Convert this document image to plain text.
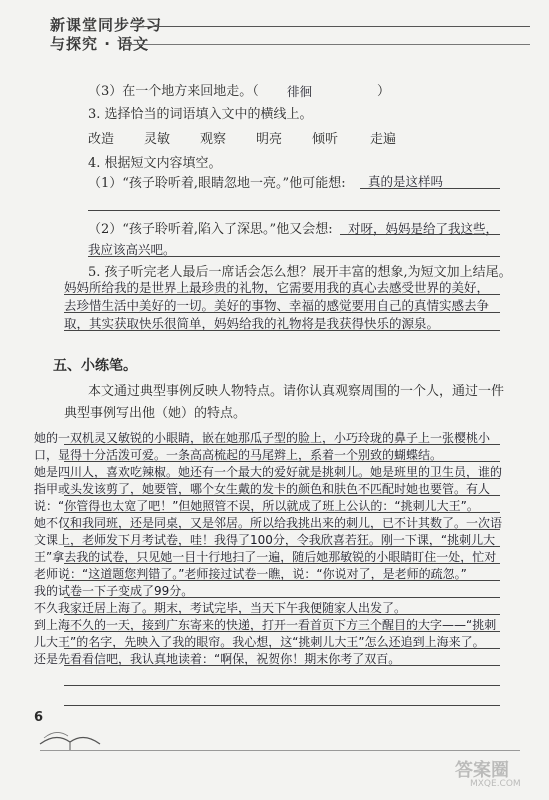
新课堂同步学习
与探究 · 语文
（3）在一个地方来回地走。（ 徘徊	）
3. 选择恰当的词语填入文中的横线上。
改造 灵敏 观察 明亮 倾听 走遍
4. 根据短文内容填空。
（1）“孩子聆听着,眼睛忽地一亮。”他可能想: 真的是这样吗
（2）“孩子聆听着,陷入了深思。”他又会想: 对呀，妈妈是给了我这些，
我应该高兴吧。
5. 孩子听完老人最后一席话会怎么想？展开丰富的想象,为短文加上结尾。
妈妈所给我的是世界上最珍贵的礼物，它需要用我的真心去感受世界的美好，
去珍惜生活中美好的一切。美好的事物、幸福的感觉要用自己的真情实感去争
取，其实获取快乐很简单，妈妈给我的礼物将是我获得快乐的源泉。
五、小练笔。
本文通过典型事例反映人物特点。请你认真观察周围的一个人，通过一件
典型事例写出他（她）的特点。
她的一双机灵又敏锐的小眼睛，嵌在她那瓜子型的脸上，小巧玲珑的鼻子上一张樱桃小
口，显得十分活泼可爱。一条高高梳起的马尾辫上，系着一个别致的蝴蝶结。
她是四川人，喜欢吃辣椒。她还有一个最大的爱好就是挑刺儿。她是班里的卫生员，谁的
指甲或头发该剪了，她要管，哪个女生戴的发卡的颜色和肤色不匹配时她也要管。有人
说：“你管得也太宽了吧！”但她照管不误，所以就成了班上公认的：“挑刺儿大王”。
她不仅和我同班，还是同桌，又是邻居。所以给我挑出来的刺儿，已不计其数了。一次语
文课上，老师发下月考试卷，哇！我得了100分，令我欣喜若狂。刚一下课，“挑刺儿大
王”拿去我的试卷，只见她一目十行地扫了一遍，随后她那敏锐的小眼睛盯住一处，忙对
老师说：“这道题您判错了。”老师接过试卷一瞧，说：“你说对了，是老师的疏忽。”
我的试卷一下子变成了99分。
不久我家迁居上海了。期末，考试完毕，当天下午我便随家人出发了。
到上海不久的一天，接到广东寄来的快递，打开一看首页下方三个醒目的大字——“挑刺
儿大王”的名字，先映入了我的眼帘。我心想，这“挑刺儿大王”怎么还追到上海来了。
还是先看看信吧，我认真地读着：“啊保，祝贺你！期末你考了双百。
6
答案圈
MXQE.COM
